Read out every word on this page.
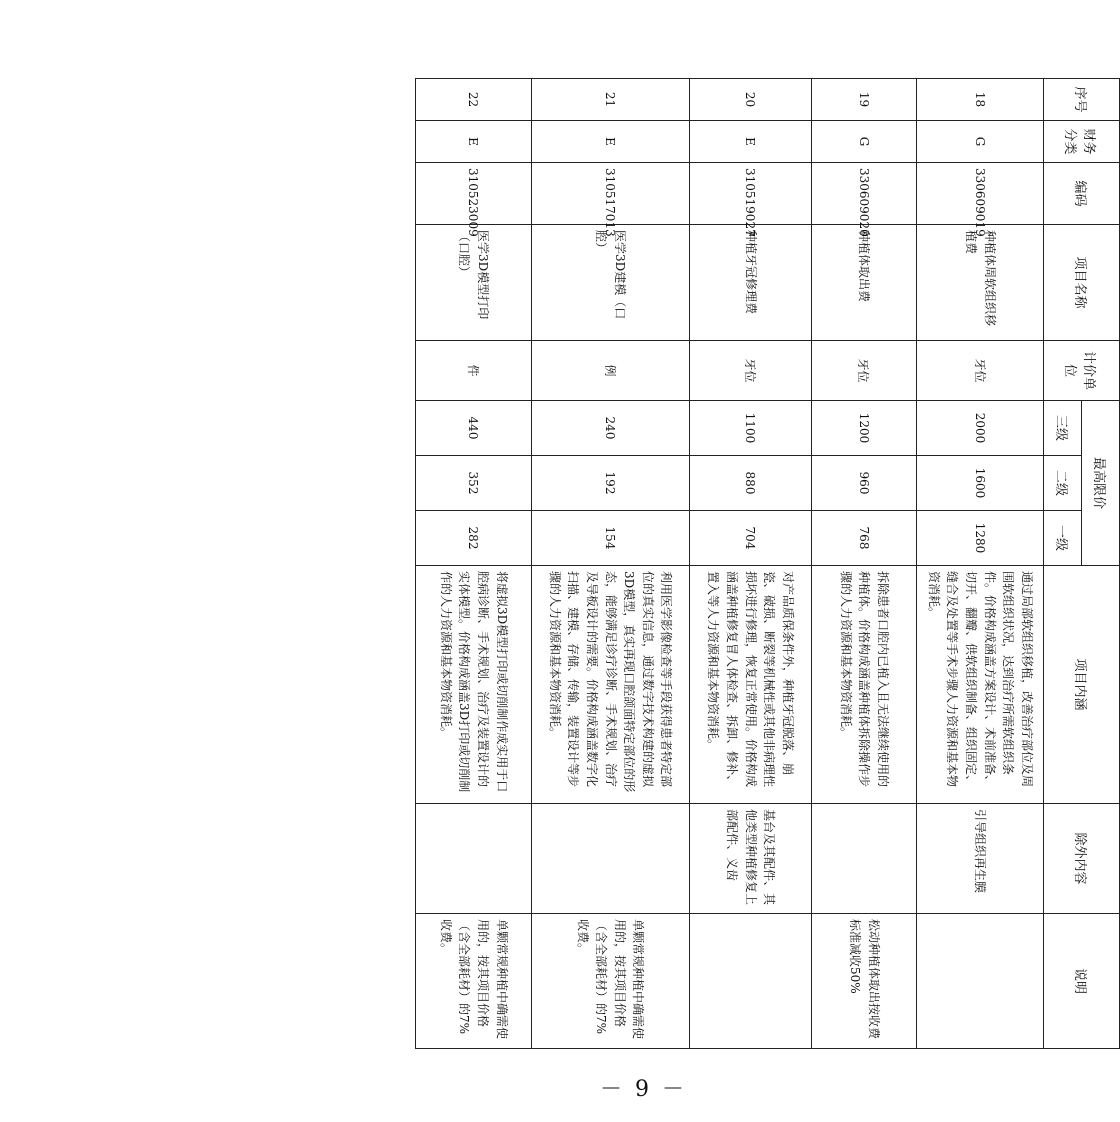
序号	财务分类	编码	项目名称	计价单位	最高限价			项目内涵	除外内容	说明
					三级	二级	一级			
18	G	330609019	种植体周软组织移植费	牙位	2000	1600	1280	通过局部软组织移植，改善治疗部位及周围软组织状况，达到治疗所需软组织条件。价格构成涵盖方案设计、术前准备、切开、翻瓣、供软组织制备、组织固定、缝合及处置等手术步骤人力资源和基本物资消耗。	引导组织再生膜	
19	G	330609020	种植体取出费	牙位	1200	960	768	拆除患者口腔内已植入且无法继续使用的种植体。价格构成涵盖种植体拆除操作步骤的人力资源和基本物资消耗。		松动种植体取出按收费标准减收50%
20	E	310519027	种植牙冠修理费	牙位	1100	880	704	对产品质保条件外，种植牙冠脱落、崩瓷、破损、断裂等机械性或其他非病理性损坏进行修理，恢复正常使用。价格构成涵盖种植修复冒人体检查、拆卸、修补、置入等人力资源和基本物资消耗。	基台及其配件、其他类型种植修复上部配件、义齿	
21	E	310517013	医学3D建模（口腔）	例	240	192	154	利用医学影像检查等手段获得患者特定部位的真实信息，通过数字技术构建的虚拟3D模型，真实再现口腔颌面特定部位的形态，能够满足诊疗诊断、手术规划、治疗及导板设计的需要。价格构成涵盖数字化扫描、建模、存储、传输，装置设计等步骤的人力资源和基本物资消耗。		单颗常规种植中确需使用的，按其项目价格（含全部耗材）的7%收费。
22	E	310523009	医学3D模型打印（口腔）	件	440	352	282	将虚拟3D模型打印或切削制作成实用于口腔病诊断、手术规划、治疗及装置设计的实体模型。价格构成涵盖3D打印或切削制作的人力资源和基本物资消耗。		单颗常规种植中确需使用的，按其项目价格（含全部耗材）的7%收费。
－ 9 －
